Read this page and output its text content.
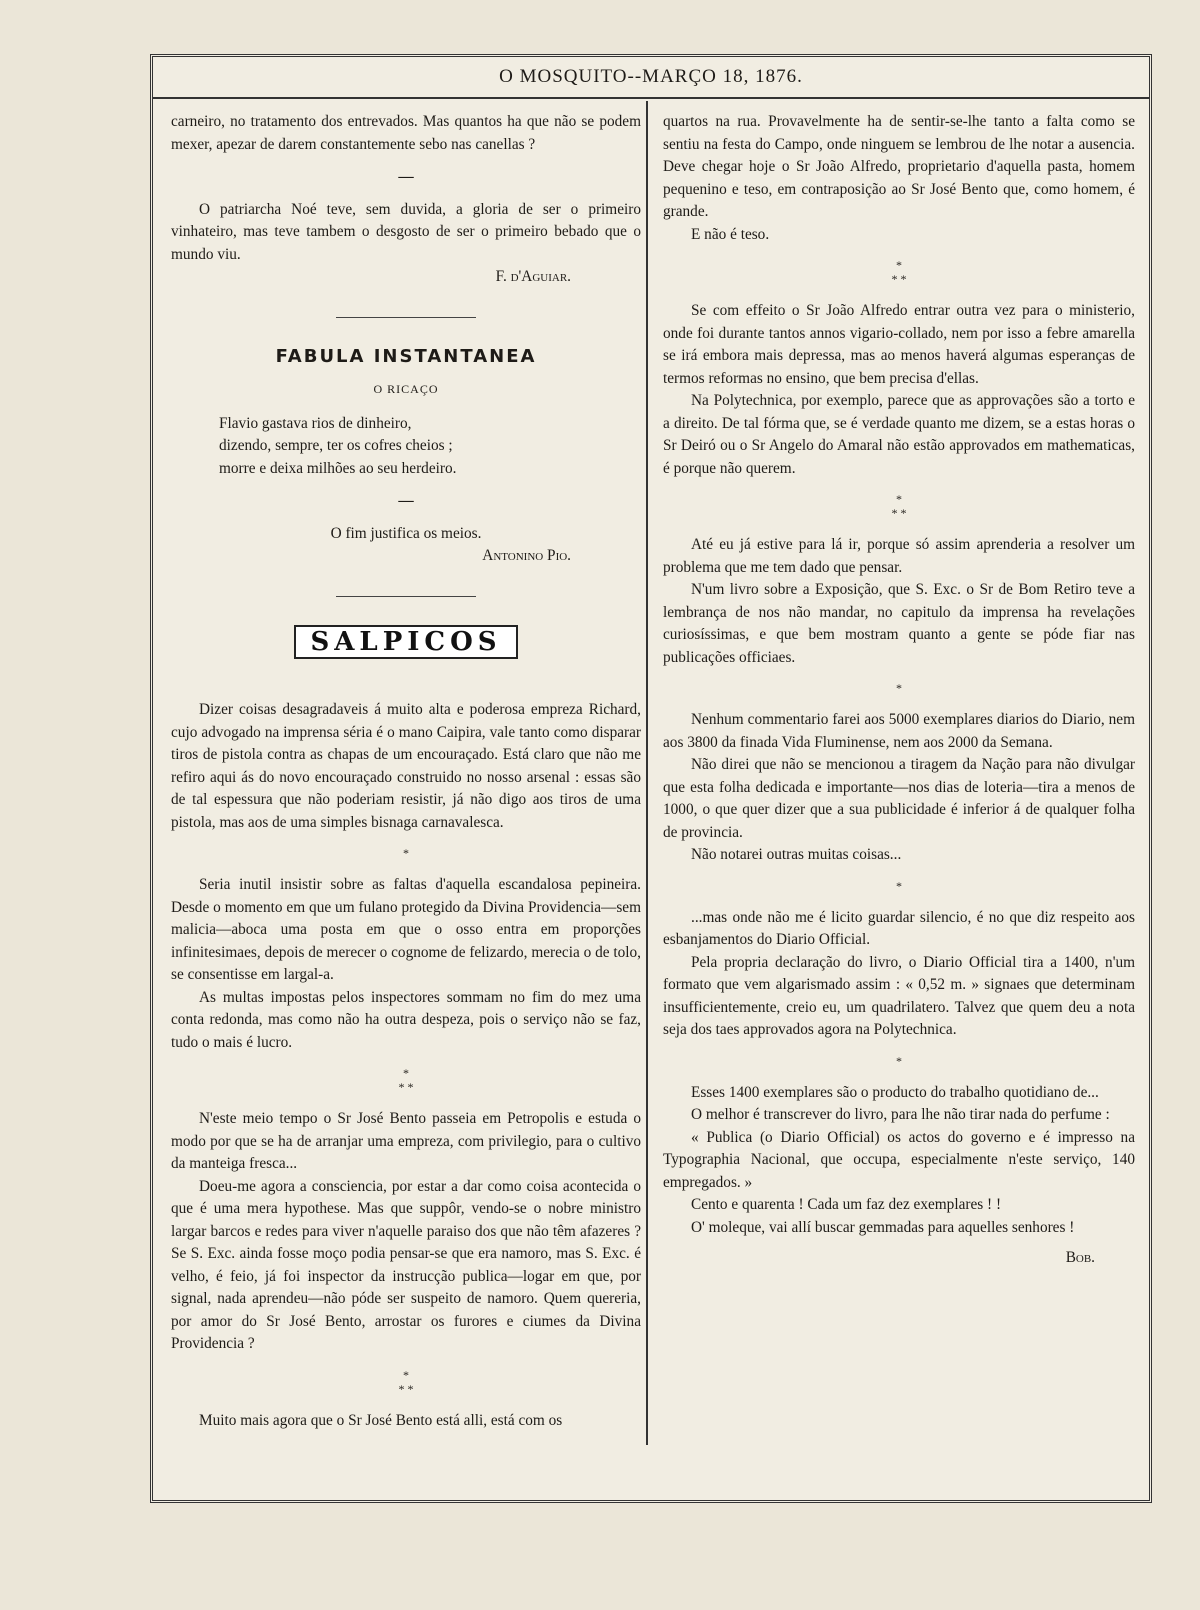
O MOSQUITO--MARÇO 18, 1876.

carneiro, no tratamento dos entrevados. Mas quantos ha que não se podem mexer, apezar de darem constantemente sebo nas canellas ?

—

O patriarcha Noé teve, sem duvida, a gloria de ser o primeiro vinhateiro, mas teve tambem o desgosto de ser o primeiro bebado que o mundo viu.

F. d'Aguiar.
FABULA INSTANTANEA
O RICAÇO
Flavio gastava rios de dinheiro,
dizendo, sempre, ter os cofres cheios ;
morre e deixa milhões ao seu herdeiro.
—
O fim justifica os meios.
Antonino Pio.
SALPICOS

Dizer coisas desagradaveis á muito alta e poderosa empreza Richard, cujo advogado na imprensa séria é o mano Caipira, vale tanto como disparar tiros de pistola contra as chapas de um encouraçado. Está claro que não me refiro aqui ás do novo encouraçado construido no nosso arsenal : essas são de tal espessura que não poderiam resistir, já não digo aos tiros de uma pistola, mas aos de uma simples bisnaga carnavalesca.

*

Seria inutil insistir sobre as faltas d'aquella escandalosa pepineira. Desde o momento em que um fulano protegido da Divina Providencia—sem malicia—aboca uma posta em que o osso entra em proporções infinitesimaes, depois de merecer o cognome de felizardo, merecia o de tolo, se consentisse em largal-a.

As multas impostas pelos inspectores sommam no fim do mez uma conta redonda, mas como não ha outra despeza, pois o serviço não se faz, tudo o mais é lucro.

*
* *

N'este meio tempo o Sr José Bento passeia em Petropolis e estuda o modo por que se ha de arranjar uma empreza, com privilegio, para o cultivo da manteiga fresca...

Doeu-me agora a consciencia, por estar a dar como coisa acontecida o que é uma mera hypothese. Mas que suppôr, vendo-se o nobre ministro largar barcos e redes para viver n'aquelle paraiso dos que não têm afazeres ? Se S. Exc. ainda fosse moço podia pensar-se que era namoro, mas S. Exc. é velho, é feio, já foi inspector da instrucção publica—logar em que, por signal, nada aprendeu—não póde ser suspeito de namoro. Quem quereria, por amor do Sr José Bento, arrostar os furores e ciumes da Divina Providencia ?

*
* *

Muito mais agora que o Sr José Bento está alli, está com os

quartos na rua. Provavelmente ha de sentir-se-lhe tanto a falta como se sentiu na festa do Campo, onde ninguem se lembrou de lhe notar a ausencia. Deve chegar hoje o Sr João Alfredo, proprietario d'aquella pasta, homem pequenino e teso, em contraposição ao Sr José Bento que, como homem, é grande.

E não é teso.

*
* *

Se com effeito o Sr João Alfredo entrar outra vez para o ministerio, onde foi durante tantos annos vigario-collado, nem por isso a febre amarella se irá embora mais depressa, mas ao menos haverá algumas esperanças de termos reformas no ensino, que bem precisa d'ellas.

Na Polytechnica, por exemplo, parece que as approvações são a torto e a direito. De tal fórma que, se é verdade quanto me dizem, se a estas horas o Sr Deiró ou o Sr Angelo do Amaral não estão approvados em mathematicas, é porque não querem.

*
* *

Até eu já estive para lá ir, porque só assim aprenderia a resolver um problema que me tem dado que pensar.

N'um livro sobre a Exposição, que S. Exc. o Sr de Bom Retiro teve a lembrança de nos não mandar, no capitulo da imprensa ha revelações curiosíssimas, e que bem mostram quanto a gente se póde fiar nas publicações officiaes.

*

Nenhum commentario farei aos 5000 exemplares diarios do Diario, nem aos 3800 da finada Vida Fluminense, nem aos 2000 da Semana.

Não direi que não se mencionou a tiragem da Nação para não divulgar que esta folha dedicada e importante—nos dias de loteria—tira a menos de 1000, o que quer dizer que a sua publicidade é inferior á de qualquer folha de provincia.

Não notarei outras muitas coisas...

*

...mas onde não me é licito guardar silencio, é no que diz respeito aos esbanjamentos do Diario Official.

Pela propria declaração do livro, o Diario Official tira a 1400, n'um formato que vem algarismado assim : « 0,52 m. » signaes que determinam insufficientemente, creio eu, um quadrilatero. Talvez que quem deu a nota seja dos taes approvados agora na Polytechnica.

*

Esses 1400 exemplares são o producto do trabalho quotidiano de...

O melhor é transcrever do livro, para lhe não tirar nada do perfume :

« Publica (o Diario Official) os actos do governo e é impresso na Typographia Nacional, que occupa, especialmente n'este serviço, 140 empregados. »

Cento e quarenta ! Cada um faz dez exemplares ! !

O' moleque, vai allí buscar gemmadas para aquelles senhores !

Bob.
